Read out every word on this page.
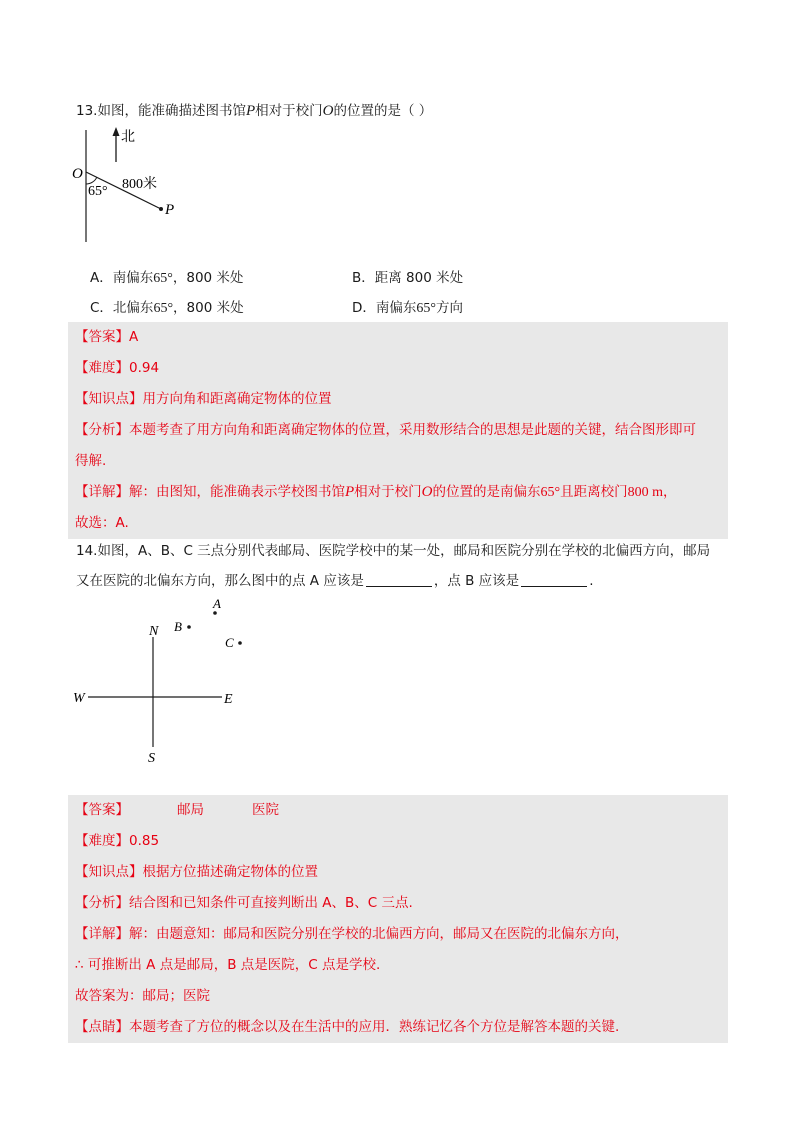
13.如图，能准确描述图书馆P相对于校门O的位置的是（ ）
北
O
65° 800米
P
A．南偏东65°，800 米处	B．距离 800 米处
C．北偏东65°，800 米处	D．南偏东65°方向
【答案】A
【难度】0.94
【知识点】用方向角和距离确定物体的位置
【分析】本题考查了用方向角和距离确定物体的位置，采用数形结合的思想是此题的关键，结合图形即可
得解.
【详解】解：由图知，能准确表示学校图书馆P相对于校门O的位置的是南偏东65°且距离校门800 m，
故选：A.
14.如图，A、B、C 三点分别代表邮局、医院学校中的某一处，邮局和医院分别在学校的北偏西方向，邮局
又在医院的北偏东方向，那么图中的点 A 应该是	，点 B 应该是	.
N
S
W	E
A
B
C
【答案】	邮局	医院
【难度】0.85
【知识点】根据方位描述确定物体的位置
【分析】结合图和已知条件可直接判断出 A、B、C 三点.
【详解】解：由题意知：邮局和医院分别在学校的北偏西方向，邮局又在医院的北偏东方向，
∴ 可推断出 A 点是邮局，B 点是医院，C 点是学校.
故答案为：邮局；医院
【点睛】本题考查了方位的概念以及在生活中的应用．熟练记忆各个方位是解答本题的关键.
